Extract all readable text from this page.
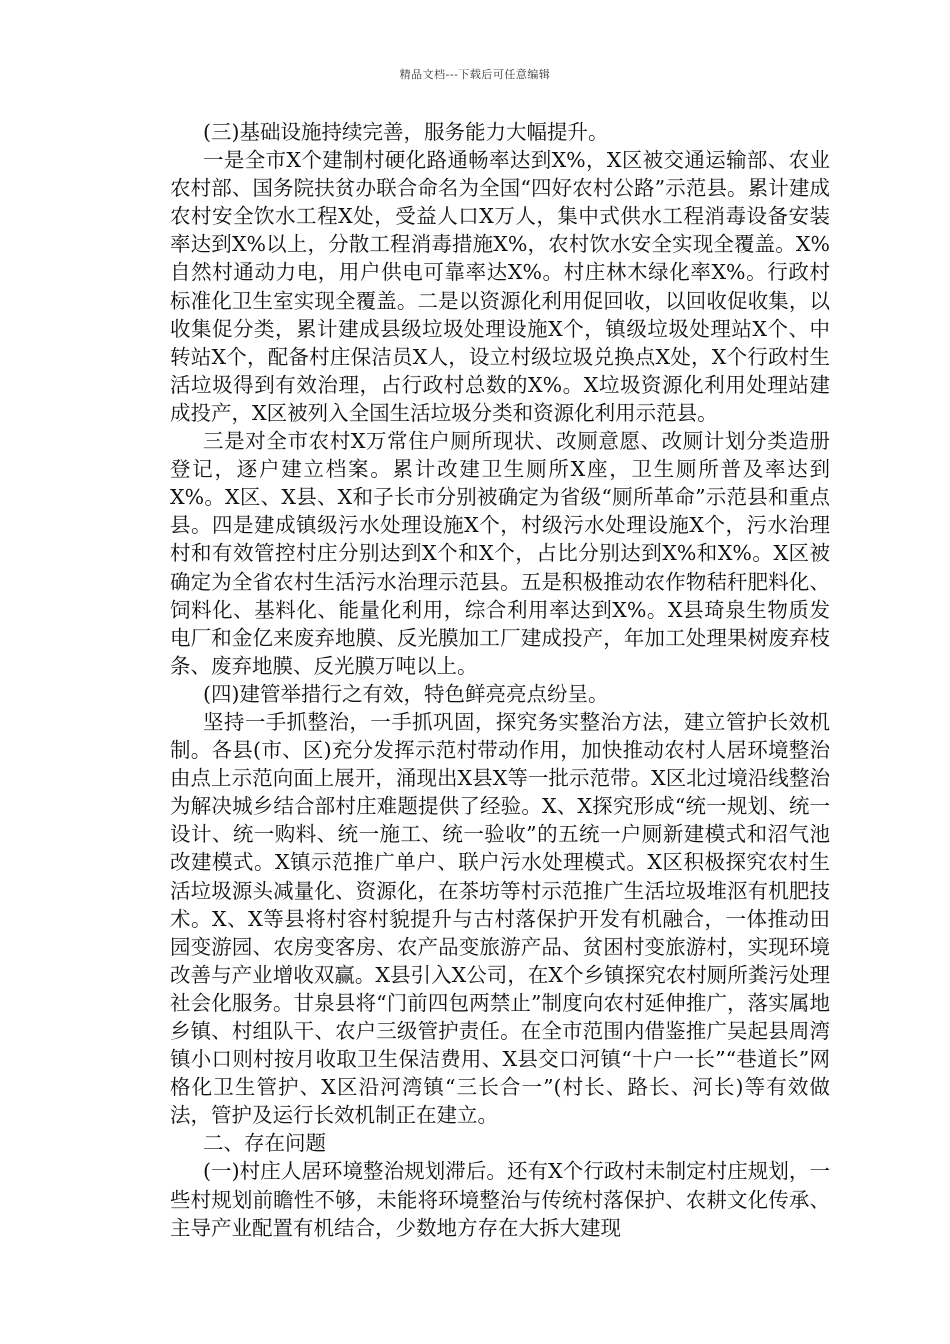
精品文档---下载后可任意编辑

(三)基础设施持续完善，服务能力大幅提升。

一是全市X个建制村硬化路通畅率达到X%，X区被交通运输部、农业农村部、国务院扶贫办联合命名为全国“四好农村公路”示范县。累计建成农村安全饮水工程X处，受益人口X万人，集中式供水工程消毒设备安装率达到X%以上，分散工程消毒措施X%，农村饮水安全实现全覆盖。X%自然村通动力电，用户供电可靠率达X%。村庄林木绿化率X%。行政村标准化卫生室实现全覆盖。二是以资源化利用促回收，以回收促收集，以收集促分类，累计建成县级垃圾处理设施X个，镇级垃圾处理站X个、中转站X个，配备村庄保洁员X人，设立村级垃圾兑换点X处，X个行政村生活垃圾得到有效治理，占行政村总数的X%。X垃圾资源化利用处理站建成投产，X区被列入全国生活垃圾分类和资源化利用示范县。

三是对全市农村X万常住户厕所现状、改厕意愿、改厕计划分类造册登记，逐户建立档案。累计改建卫生厕所X座，卫生厕所普及率达到X%。X区、X县、X和子长市分别被确定为省级“厕所革命”示范县和重点县。四是建成镇级污水处理设施X个，村级污水处理设施X个，污水治理村和有效管控村庄分别达到X个和X个，占比分别达到X%和X%。X区被确定为全省农村生活污水治理示范县。五是积极推动农作物秸秆肥料化、饲料化、基料化、能量化利用，综合利用率达到X%。X县琦泉生物质发电厂和金亿来废弃地膜、反光膜加工厂建成投产，年加工处理果树废弃枝条、废弃地膜、反光膜万吨以上。

(四)建管举措行之有效，特色鲜亮亮点纷呈。

坚持一手抓整治，一手抓巩固，探究务实整治方法，建立管护长效机制。各县(市、区)充分发挥示范村带动作用，加快推动农村人居环境整治由点上示范向面上展开，涌现出X县X等一批示范带。X区北过境沿线整治为解决城乡结合部村庄难题提供了经验。X、X探究形成“统一规划、统一设计、统一购料、统一施工、统一验收”的五统一户厕新建模式和沼气池改建模式。X镇示范推广单户、联户污水处理模式。X区积极探究农村生活垃圾源头减量化、资源化，在茶坊等村示范推广生活垃圾堆沤有机肥技术。X、X等县将村容村貌提升与古村落保护开发有机融合，一体推动田园变游园、农房变客房、农产品变旅游产品、贫困村变旅游村，实现环境改善与产业增收双赢。X县引入X公司，在X个乡镇探究农村厕所粪污处理社会化服务。甘泉县将“门前四包两禁止”制度向农村延伸推广，落实属地乡镇、村组队干、农户三级管护责任。在全市范围内借鉴推广吴起县周湾镇小口则村按月收取卫生保洁费用、X县交口河镇“十户一长”“巷道长”网格化卫生管护、X区沿河湾镇“三长合一”(村长、路长、河长)等有效做法，管护及运行长效机制正在建立。

二、存在问题

(一)村庄人居环境整治规划滞后。还有X个行政村未制定村庄规划，一些村规划前瞻性不够，未能将环境整治与传统村落保护、农耕文化传承、主导产业配置有机结合，少数地方存在大拆大建现
